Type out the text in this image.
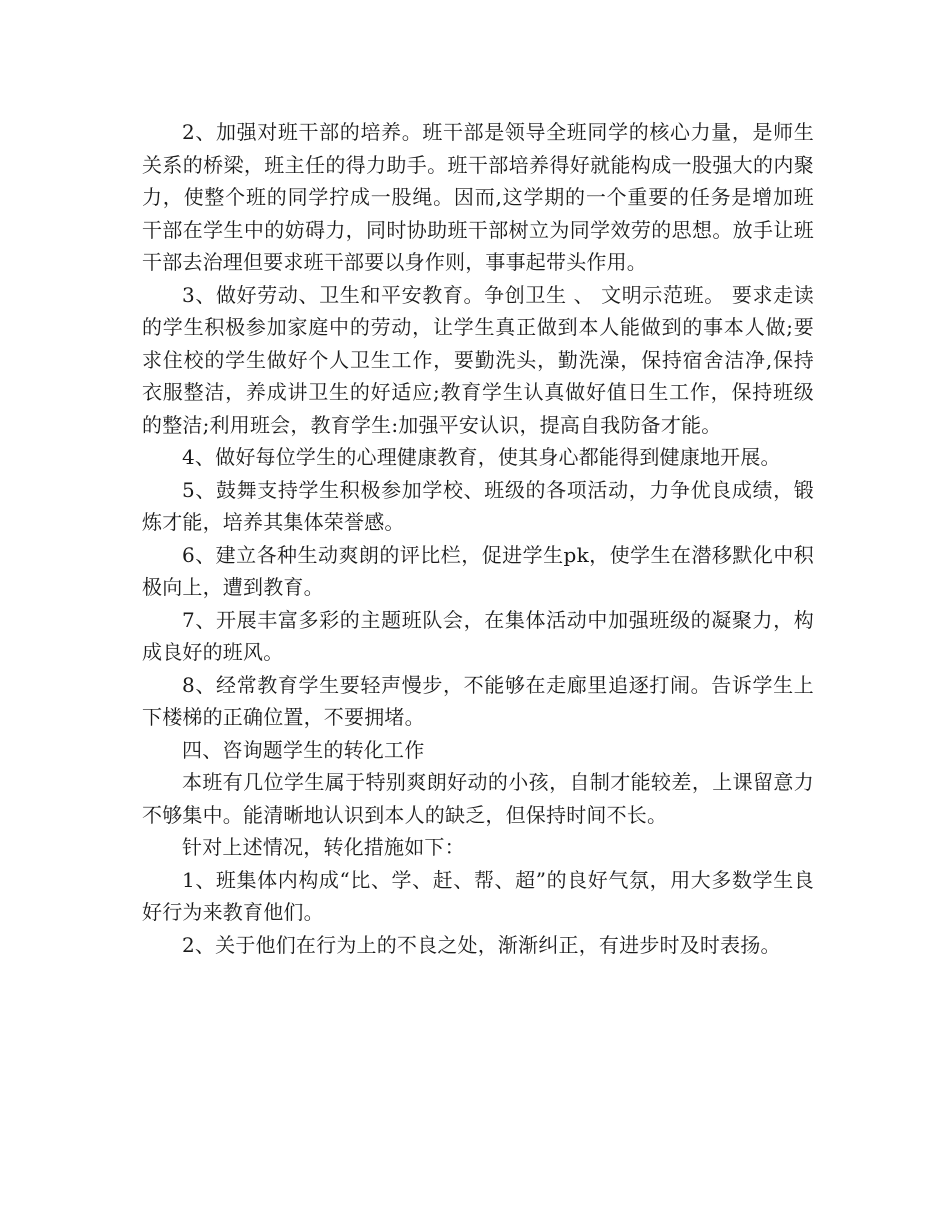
2、加强对班干部的培养。班干部是领导全班同学的核心力量，是师生关系的桥梁，班主任的得力助手。班干部培养得好就能构成一股强大的内聚力，使整个班的同学拧成一股绳。因而,这学期的一个重要的任务是增加班干部在学生中的妨碍力，同时协助班干部树立为同学效劳的思想。放手让班干部去治理但要求班干部要以身作则，事事起带头作用。

3、做好劳动、卫生和平安教育。争创卫生 、 文明示范班。 要求走读的学生积极参加家庭中的劳动，让学生真正做到本人能做到的事本人做;要求住校的学生做好个人卫生工作，要勤洗头，勤洗澡，保持宿舍洁净,保持衣服整洁，养成讲卫生的好适应;教育学生认真做好值日生工作，保持班级的整洁;利用班会，教育学生:加强平安认识，提高自我防备才能。

4、做好每位学生的心理健康教育，使其身心都能得到健康地开展。

5、鼓舞支持学生积极参加学校、班级的各项活动，力争优良成绩，锻炼才能，培养其集体荣誉感。

6、建立各种生动爽朗的评比栏，促进学生pk，使学生在潜移默化中积极向上，遭到教育。

7、开展丰富多彩的主题班队会，在集体活动中加强班级的凝聚力，构成良好的班风。

8、经常教育学生要轻声慢步，不能够在走廊里追逐打闹。告诉学生上下楼梯的正确位置，不要拥堵。

四、咨询题学生的转化工作

本班有几位学生属于特别爽朗好动的小孩，自制才能较差，上课留意力不够集中。能清晰地认识到本人的缺乏，但保持时间不长。

针对上述情况，转化措施如下：

1、班集体内构成“比、学、赶、帮、超”的良好气氛，用大多数学生良好行为来教育他们。

2、关于他们在行为上的不良之处，渐渐纠正，有进步时及时表扬。
